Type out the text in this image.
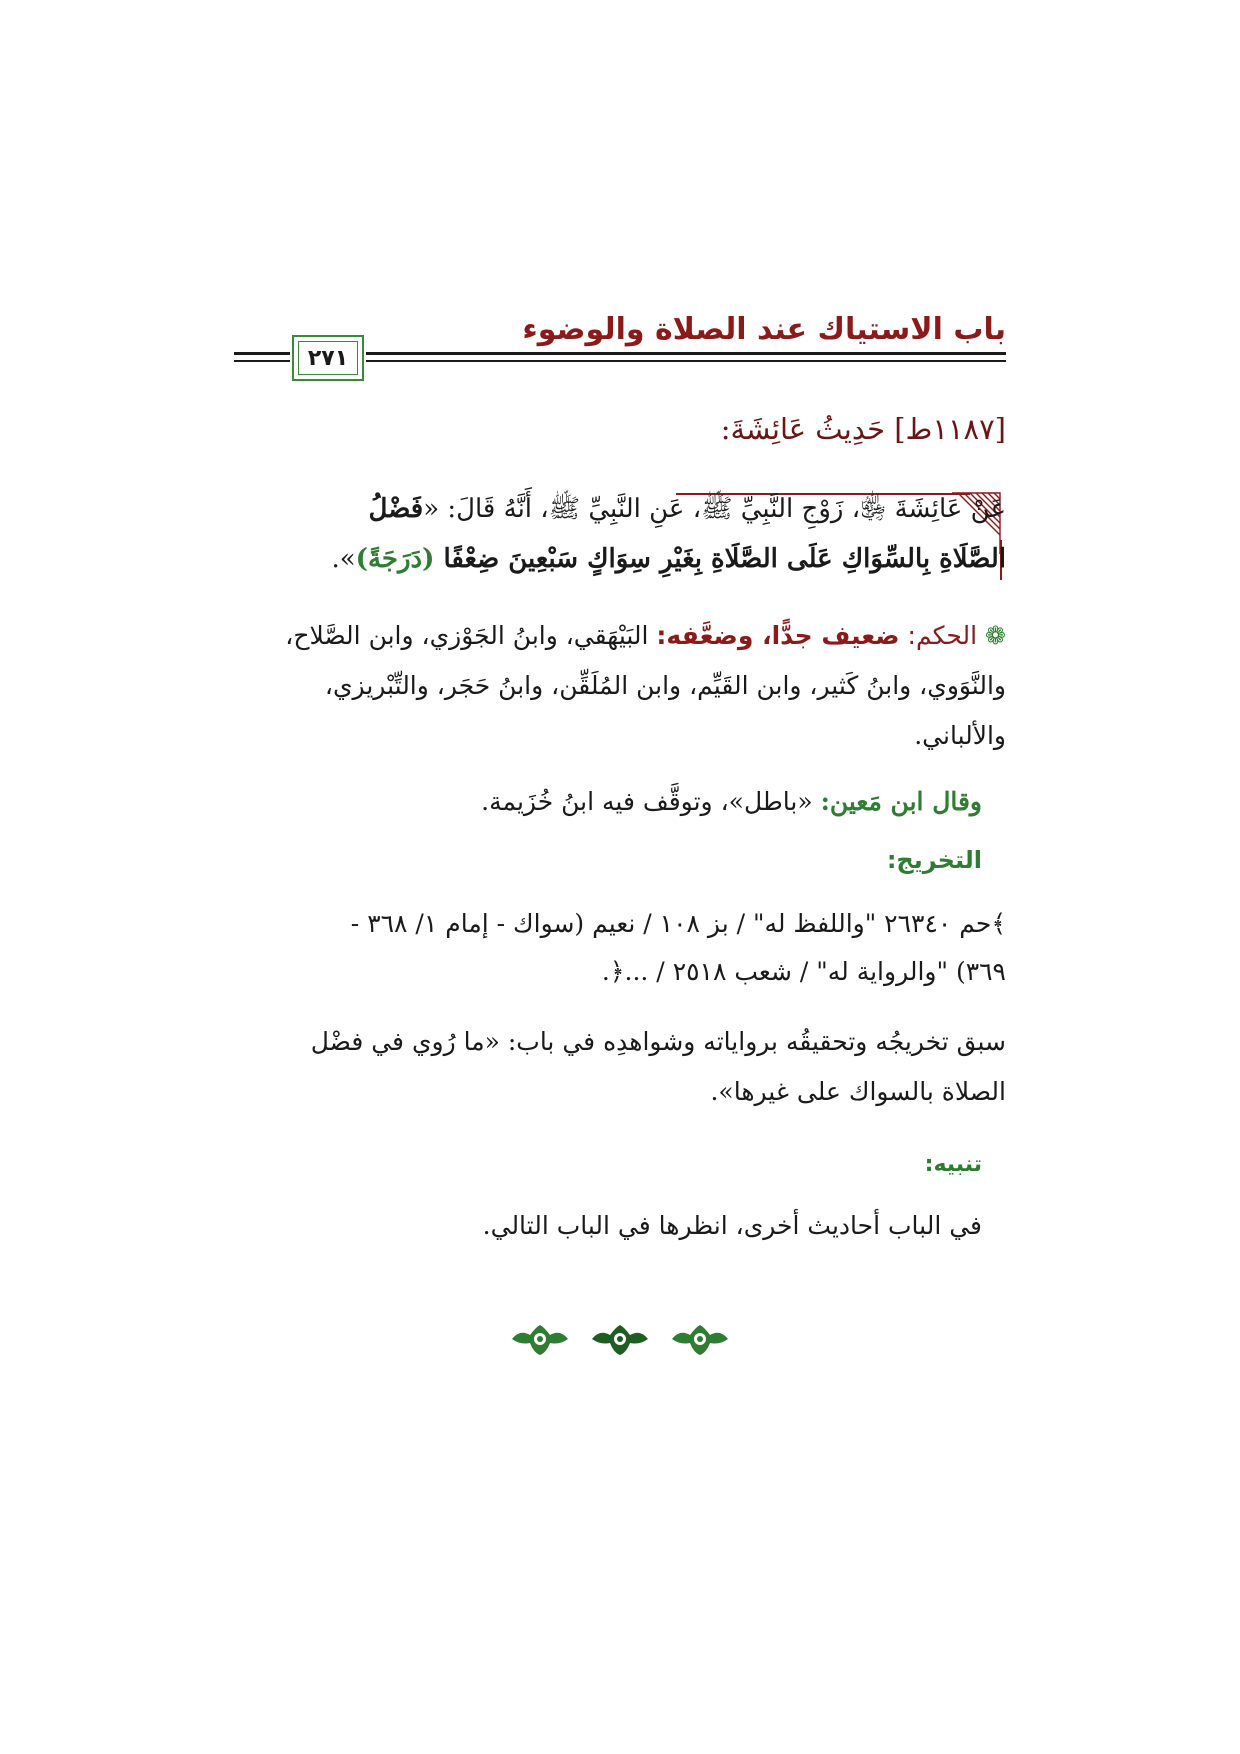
باب الاستياك عند الصلاة والوضوء
٢٧١
[١١٨٧ط] حَدِيثُ عَائِشَةَ:
عَنْ عَائِشَةَ ﵂، زَوْجِ النَّبِيِّ ﷺ، عَنِ النَّبِيِّ ﷺ، أَنَّهُ قَالَ: «فَضْلُ
الصَّلَاةِ بِالسِّوَاكِ عَلَى الصَّلَاةِ بِغَيْرِ سِوَاكٍ سَبْعِينَ ضِعْفًا (دَرَجَةً)».
❁ الحكم: ضعيف جدًّا، وضعَّفه: البَيْهَقي، وابنُ الجَوْزي، وابن الصَّلاح،
والنَّوَوي، وابنُ كَثير، وابن القَيِّم، وابن المُلَقِّن، وابنُ حَجَر، والتِّبْريزي،
والألباني.
وقال ابن مَعين: «باطل»، وتوقَّف فيه ابنُ خُزَيمة.
التخريج:
﴾حم ٢٦٣٤٠ "واللفظ له" / بز ١٠٨ / نعيم (سواك - إمام ١/ ٣٦٨ -
٣٦٩) "والرواية له" / شعب ٢٥١٨ / ...﴿.
سبق تخريجُه وتحقيقُه برواياته وشواهدِه في باب: «ما رُوي في فضْل
الصلاة بالسواك على غيرها».
تنبيه:
في الباب أحاديث أخرى، انظرها في الباب التالي.
